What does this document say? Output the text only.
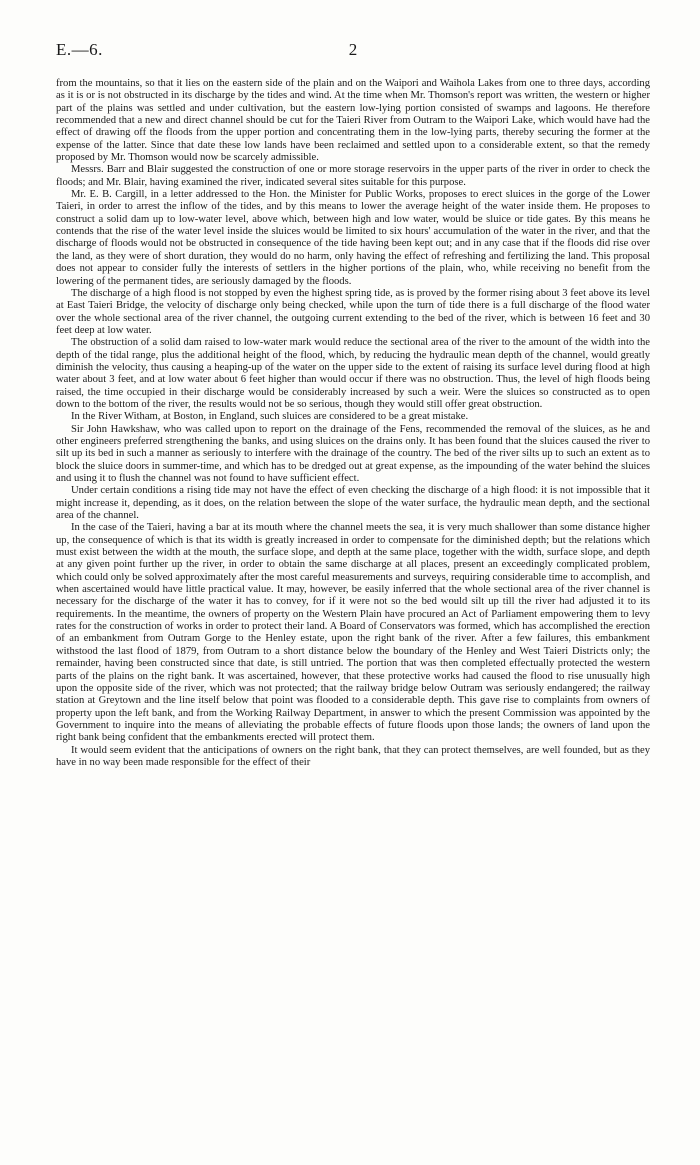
E.—6.	2

from the mountains, so that it lies on the eastern side of the plain and on the Waipori and Waihola Lakes from one to three days, according as it is or is not obstructed in its discharge by the tides and wind. At the time when Mr. Thomson's report was written, the western or higher part of the plains was settled and under cultivation, but the eastern low-lying portion consisted of swamps and lagoons. He therefore recommended that a new and direct channel should be cut for the Taieri River from Outram to the Waipori Lake, which would have had the effect of drawing off the floods from the upper portion and concentrating them in the low-lying parts, thereby securing the former at the expense of the latter. Since that date these low lands have been reclaimed and settled upon to a considerable extent, so that the remedy proposed by Mr. Thomson would now be scarcely admissible.

Messrs. Barr and Blair suggested the construction of one or more storage reservoirs in the upper parts of the river in order to check the floods; and Mr. Blair, having examined the river, indicated several sites suitable for this purpose.

Mr. E. B. Cargill, in a letter addressed to the Hon. the Minister for Public Works, proposes to erect sluices in the gorge of the Lower Taieri, in order to arrest the inflow of the tides, and by this means to lower the average height of the water inside them. He proposes to construct a solid dam up to low-water level, above which, between high and low water, would be sluice or tide gates. By this means he contends that the rise of the water level inside the sluices would be limited to six hours' accumulation of the water in the river, and that the discharge of floods would not be obstructed in consequence of the tide having been kept out; and in any case that if the floods did rise over the land, as they were of short duration, they would do no harm, only having the effect of refreshing and fertilizing the land. This proposal does not appear to consider fully the interests of settlers in the higher portions of the plain, who, while receiving no benefit from the lowering of the permanent tides, are seriously damaged by the floods.

The discharge of a high flood is not stopped by even the highest spring tide, as is proved by the former rising about 3 feet above its level at East Taieri Bridge, the velocity of discharge only being checked, while upon the turn of tide there is a full discharge of the flood water over the whole sectional area of the river channel, the outgoing current extending to the bed of the river, which is between 16 feet and 30 feet deep at low water.

The obstruction of a solid dam raised to low-water mark would reduce the sectional area of the river to the amount of the width into the depth of the tidal range, plus the additional height of the flood, which, by reducing the hydraulic mean depth of the channel, would greatly diminish the velocity, thus causing a heaping-up of the water on the upper side to the extent of raising its surface level during flood at high water about 3 feet, and at low water about 6 feet higher than would occur if there was no obstruction. Thus, the level of high floods being raised, the time occupied in their discharge would be considerably increased by such a weir. Were the sluices so constructed as to open down to the bottom of the river, the results would not be so serious, though they would still offer great obstruction.

In the River Witham, at Boston, in England, such sluices are considered to be a great mistake.

Sir John Hawkshaw, who was called upon to report on the drainage of the Fens, recommended the removal of the sluices, as he and other engineers preferred strengthening the banks, and using sluices on the drains only. It has been found that the sluices caused the river to silt up its bed in such a manner as seriously to interfere with the drainage of the country. The bed of the river silts up to such an extent as to block the sluice doors in summer-time, and which has to be dredged out at great expense, as the impounding of the water behind the sluices and using it to flush the channel was not found to have sufficient effect.

Under certain conditions a rising tide may not have the effect of even checking the discharge of a high flood: it is not impossible that it might increase it, depending, as it does, on the relation between the slope of the water surface, the hydraulic mean depth, and the sectional area of the channel.

In the case of the Taieri, having a bar at its mouth where the channel meets the sea, it is very much shallower than some distance higher up, the consequence of which is that its width is greatly increased in order to compensate for the diminished depth; but the relations which must exist between the width at the mouth, the surface slope, and depth at the same place, together with the width, surface slope, and depth at any given point further up the river, in order to obtain the same discharge at all places, present an exceedingly complicated problem, which could only be solved approximately after the most careful measurements and surveys, requiring considerable time to accomplish, and when ascertained would have little practical value. It may, however, be easily inferred that the whole sectional area of the river channel is necessary for the discharge of the water it has to convey, for if it were not so the bed would silt up till the river had adjusted it to its requirements. In the meantime, the owners of property on the Western Plain have procured an Act of Parliament empowering them to levy rates for the construction of works in order to protect their land. A Board of Conservators was formed, which has accomplished the erection of an embankment from Outram Gorge to the Henley estate, upon the right bank of the river. After a few failures, this embankment withstood the last flood of 1879, from Outram to a short distance below the boundary of the Henley and West Taieri Districts only; the remainder, having been constructed since that date, is still untried. The portion that was then completed effectually protected the western parts of the plains on the right bank. It was ascertained, however, that these protective works had caused the flood to rise unusually high upon the opposite side of the river, which was not protected; that the railway bridge below Outram was seriously endangered; the railway station at Greytown and the line itself below that point was flooded to a considerable depth. This gave rise to complaints from owners of property upon the left bank, and from the Working Railway Department, in answer to which the present Commission was appointed by the Government to inquire into the means of alleviating the probable effects of future floods upon those lands; the owners of land upon the right bank being confident that the embankments erected will protect them.

It would seem evident that the anticipations of owners on the right bank, that they can protect themselves, are well founded, but as they have in no way been made responsible for the effect of their
